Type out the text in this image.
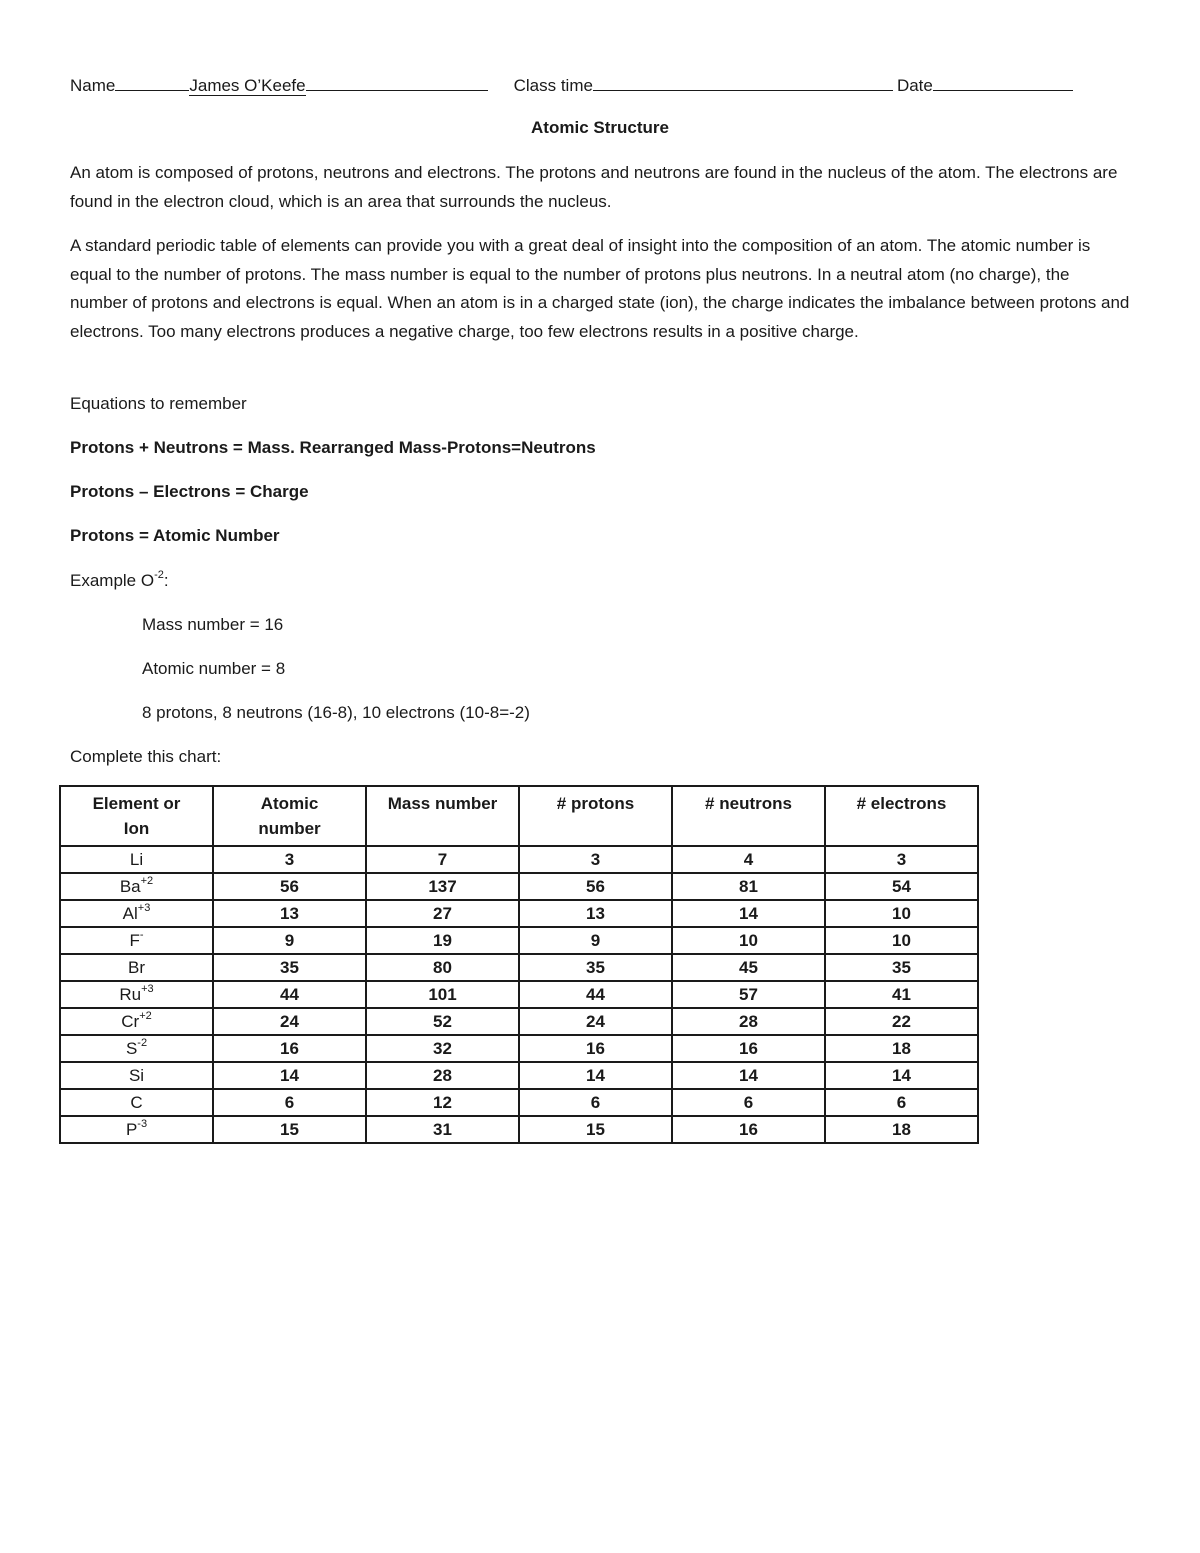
Name	James O’Keefe	Class time	Date
Atomic Structure
An atom is composed of protons, neutrons and electrons. The protons and neutrons are found in the nucleus of the atom. The electrons are found in the electron cloud, which is an area that surrounds the nucleus.
A standard periodic table of elements can provide you with a great deal of insight into the composition of an atom. The atomic number is equal to the number of protons. The mass number is equal to the number of protons plus neutrons. In a neutral atom (no charge), the number of protons and electrons is equal. When an atom is in a charged state (ion), the charge indicates the imbalance between protons and electrons. Too many electrons produces a negative charge, too few electrons results in a positive charge.
Equations to remember
Protons + Neutrons = Mass. Rearranged Mass-Protons=Neutrons
Protons – Electrons = Charge
Protons = Atomic Number
Example $O^{-2}$:
Mass number = 16
Atomic number = 8
8 protons, 8 neutrons (16-8), 10 electrons (10-8=-2)
Complete this chart:
Element or Ion	Atomic number	Mass number	# protons	# neutrons	# electrons
Li	3	7	3	4	3
$Ba^{+2}$	56	137	56	81	54
$Al^{+3}$	13	27	13	14	10
F-	9	19	9	10	10
Br	35	80	35	45	35
$Ru^{+3}$	44	101	44	57	41
$Cr^{+2}$	24	52	24	28	22
$S^{-2}$	16	32	16	16	18
Si	14	28	14	14	14
C	6	12	6	6	6
$P^{-3}$	15	31	15	16	18
